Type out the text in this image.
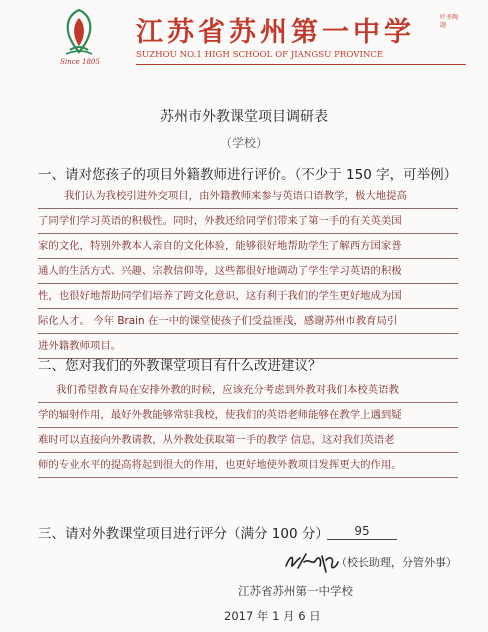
Since 1805
江苏省苏州第一中学
SUZHOU NO.1 HIGH SCHOOL OF JIANGSU PROVINCE
叶圣陶题
苏州市外教课堂项目调研表
（学校）
一、请对您孩子的项目外籍教师进行评价。（不少于 150 字，可举例）
我们认为我校引进外交项目，由外籍教师来参与英语口语教学，极大地提高
了同学们学习英语的积极性。同时，外教还给同学们带来了第一手的有关英美国
家的文化，特别外教本人亲自的文化体验，能够很好地帮助学生了解西方国家普
通人的生活方式、兴趣、宗教信仰等，这些都很好地调动了学生学习英语的积极
性，也很好地帮助同学们培养了跨文化意识，这有利于我们的学生更好地成为国
际化人才。 今年 Brain 在一中的课堂使孩子们受益匪浅，感谢苏州市教育局引
进外籍教师项目。
二、您对我们的外教课堂项目有什么改进建议？
我们希望教育局在安排外教的时候，应该充分考虑到外教对我们本校英语教
学的辐射作用，最好外教能够常驻我校，使我们的英语老师能够在教学上遇到疑
难时可以直接向外教请教，从外教处获取第一手的教学 信息，这对我们英语老
师的专业水平的提高将起到很大的作用，也更好地使外教项目发挥更大的作用。
三、请对外教课堂项目进行评分（满分 100 分）	95
（校长助理，分管外事）
江苏省苏州第一中学校
2017 年 1 月 6 日
